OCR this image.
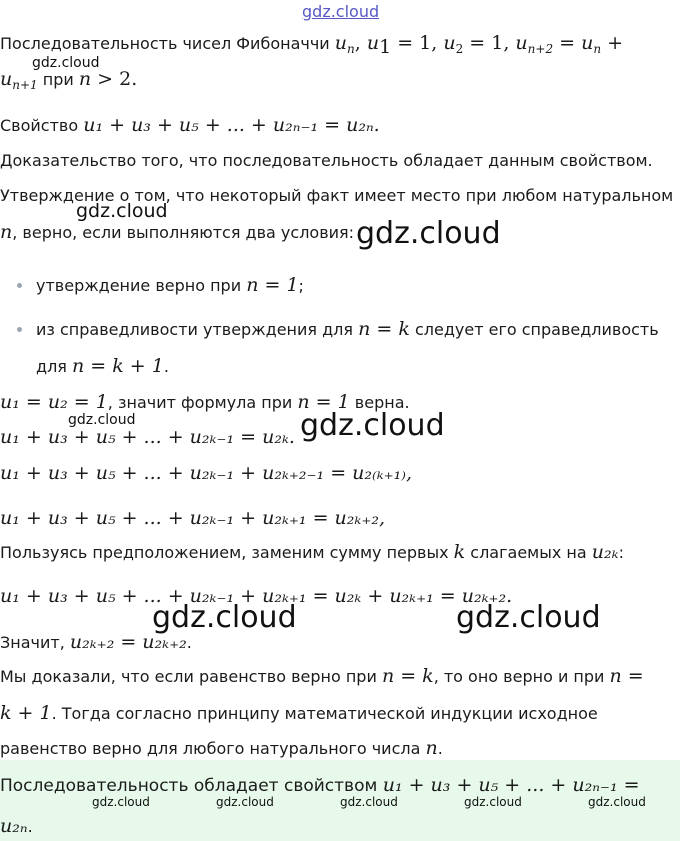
gdz.cloud
Последовательность чисел Фибоначчи $u_n$, $u_1 = 1$, $u_2 = 1$, $u_{n+2} = u_n$ +
gdz.cloud
$u_{n+1}$ при n > 2.
Свойство u₁ + u₃ + u₅ + ... + u₂ₙ₋₁ = u₂ₙ.
Доказательство того, что последовательность обладает данным свойством.
Утверждение о том, что некоторый факт имеет место при любом натуральном
gdz.cloud
n, верно, если выполняются два условия: gdz.cloud
утверждение верно при n = 1;
из справедливости утверждения для n = k следует его справедливость
для n = k + 1.
u₁ = u₂ = 1, значит формула при n = 1 верна.
gdz.cloud
u₁ + u₃ + u₅ + ... + u₂ₖ₋₁ = u₂ₖ. gdz.cloud
u₁ + u₃ + u₅ + ... + u₂ₖ₋₁ + u₂ₖ₊₂₋₁ = u₂₍ₖ₊₁₎,
u₁ + u₃ + u₅ + ... + u₂ₖ₋₁ + u₂ₖ₊₁ = u₂ₖ₊₂,
Пользуясь предположением, заменим сумму первых k слагаемых на u₂ₖ:
u₁ + u₃ + u₅ + ... + u₂ₖ₋₁ + u₂ₖ₊₁ = u₂ₖ + u₂ₖ₊₁ = u₂ₖ₊₂.
gdz.cloud	gdz.cloud
Значит, u₂ₖ₊₂ = u₂ₖ₊₂.
Мы доказали, что если равенство верно при n = k, то оно верно и при n =
k + 1. Тогда согласно принципу математической индукции исходное
равенство верно для любого натурального числа n.
Последовательность обладает свойством u₁ + u₃ + u₅ + ... + u₂ₙ₋₁ =
gdz.cloud	gdz.cloud	gdz.cloud	gdz.cloud	gdz.cloud
u₂ₙ.
